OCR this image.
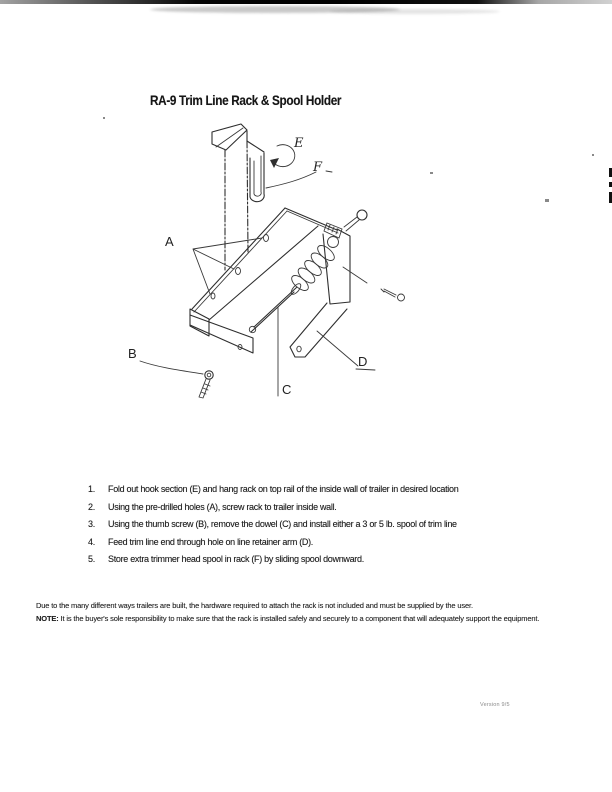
RA-9 Trim Line Rack & Spool Holder
A
B
C
D
E
F
1.	Fold out hook section (E) and hang rack on top rail of the inside wall of trailer in desired location
2.	Using the pre-drilled holes (A), screw rack to trailer inside wall.
3.	Using the thumb screw (B), remove the dowel (C) and install either a 3 or 5 lb. spool of trim line
4.	Feed trim line end through hole on line retainer arm (D).
5.	Store extra trimmer head spool in rack (F) by sliding spool downward.
Due to the many different ways trailers are built, the hardware required to attach the rack is not included and must be supplied by the user.
NOTE: It is the buyer's sole responsibility to make sure that the rack is installed safely and securely to a component that will adequately support the equipment.
Version 9/5
